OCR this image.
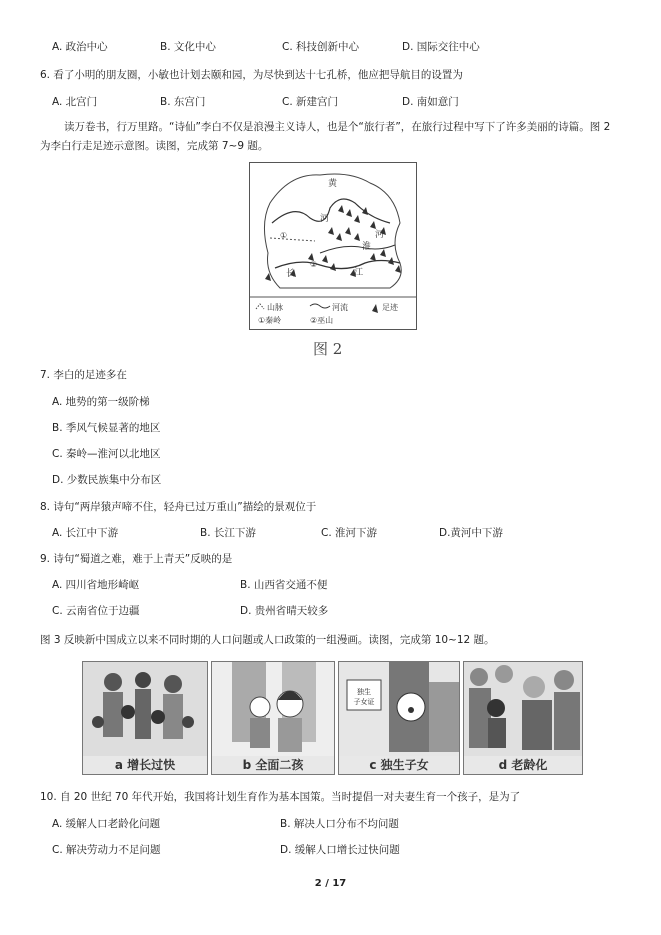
A. 政治中心	B. 文化中心	C. 科技创新中心	D. 国际交往中心
6. 看了小明的朋友圈，小敏也计划去颐和园，为尽快到达十七孔桥，他应把导航目的设置为
A. 北宫门	B. 东宫门	C. 新建宫门	D. 南如意门
读万卷书，行万里路。“诗仙”李白不仅是浪漫主义诗人，也是个“旅行者”，在旅行过程中写下了许多美丽的诗篇。图 2 为李白行走足迹示意图。读图，完成第 7~9 题。
黄
河
河
淮
长	江
①
②
山脉	河流	足迹
①秦岭	②巫山
图 2
7. 李白的足迹多在
A. 地势的第一级阶梯
B. 季风气候显著的地区
C. 秦岭—淮河以北地区
D. 少数民族集中分布区
8. 诗句“两岸猿声啼不住，轻舟已过万重山”描绘的景观位于
A. 长江中下游	B. 长江下游	C. 淮河下游	D.黄河中下游
9. 诗句“蜀道之难，难于上青天”反映的是
A. 四川省地形崎岖	B. 山西省交通不便
C. 云南省位于边疆	D. 贵州省晴天较多
图 3 反映新中国成立以来不同时期的人口问题或人口政策的一组漫画。读图，完成第 10~12 题。
a 增长过快	b 全面二孩
独生
子女证
c 独生子女	d 老龄化
10. 自 20 世纪 70 年代开始，我国将计划生育作为基本国策。当时提倡一对夫妻生育一个孩子，是为了
A. 缓解人口老龄化问题	B. 解决人口分布不均问题
C. 解决劳动力不足问题	D. 缓解人口增长过快问题
2 / 17
